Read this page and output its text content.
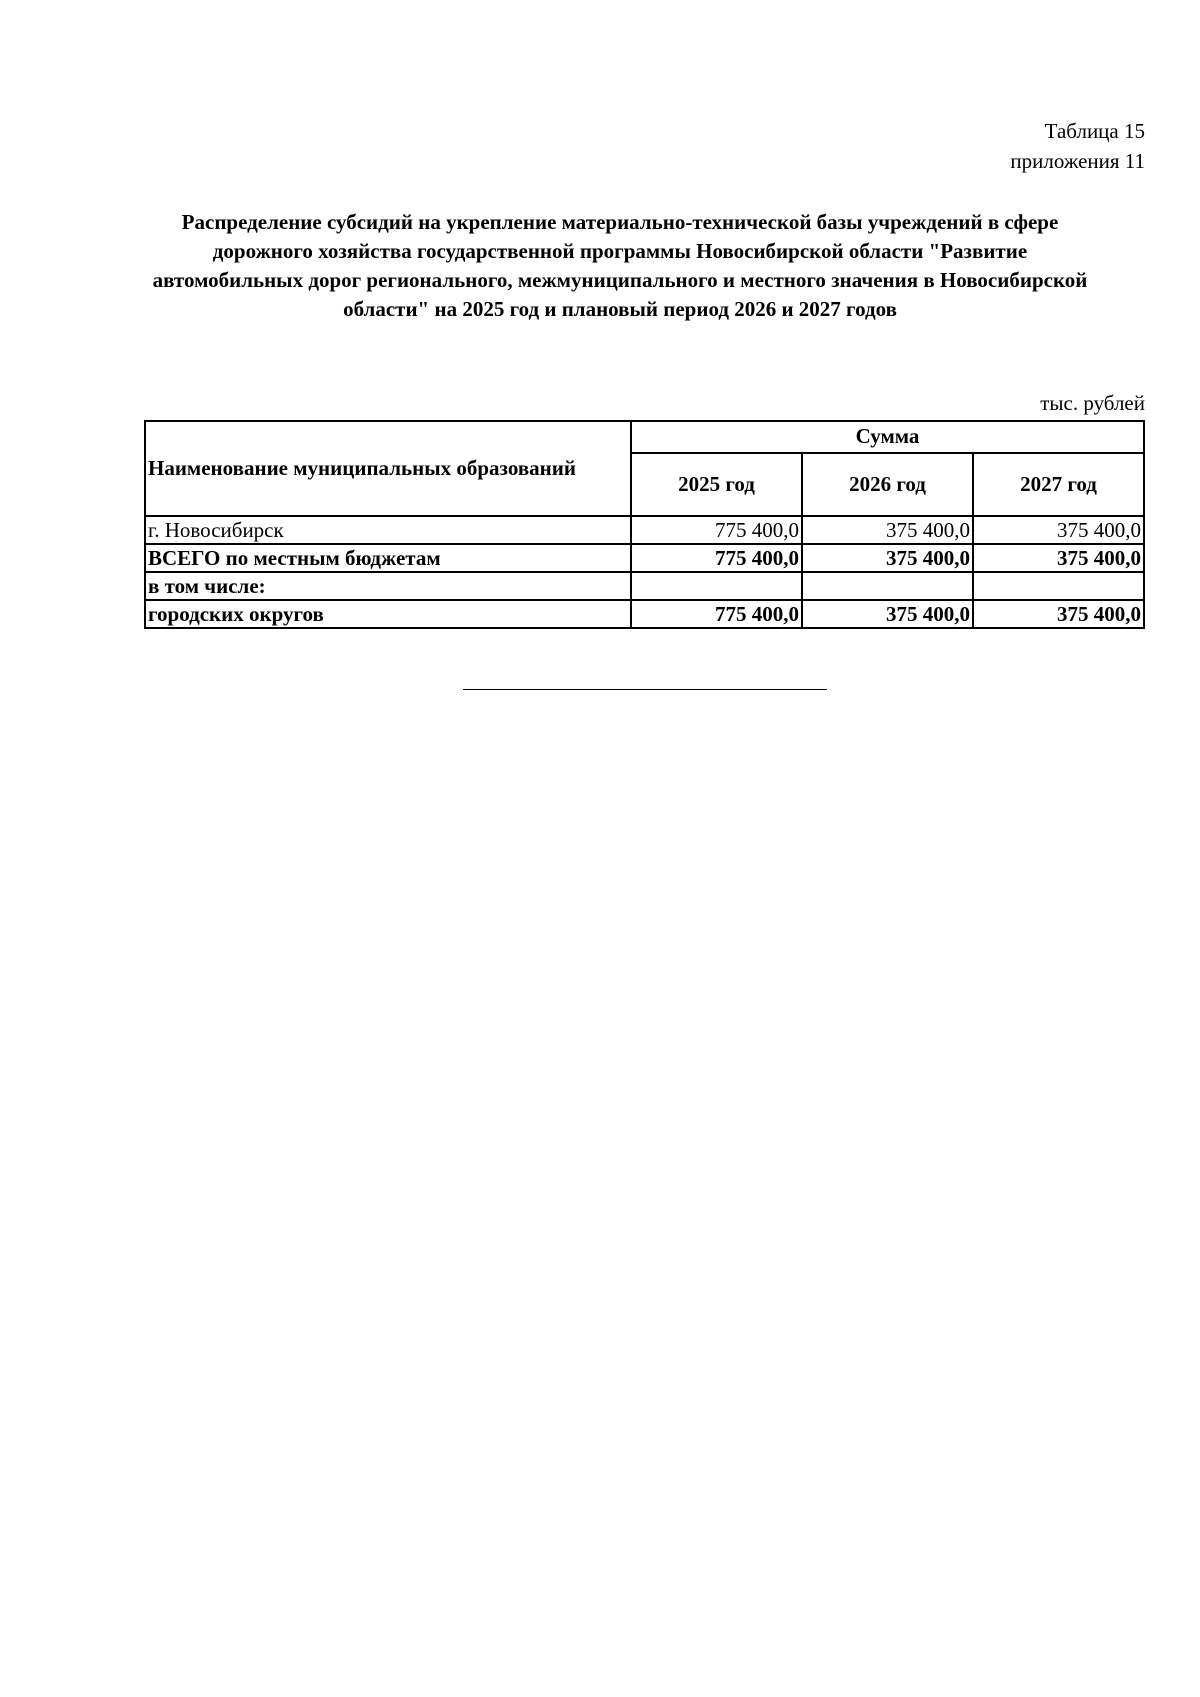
Таблица 15
приложения 11
Распределение субсидий на укрепление материально-технической базы учреждений в сфере дорожного хозяйства государственной программы Новосибирской области "Развитие автомобильных дорог регионального, межмуниципального и местного значения в Новосибирской области" на 2025 год и плановый период 2026 и 2027 годов
тыс. рублей
Наименование муниципальных образований	Сумма		
	2025 год	2026 год	2027 год
г. Новосибирск	775 400,0	375 400,0	375 400,0
ВСЕГО по местным бюджетам	775 400,0	375 400,0	375 400,0
в том числе:			
городских округов	775 400,0	375 400,0	375 400,0
